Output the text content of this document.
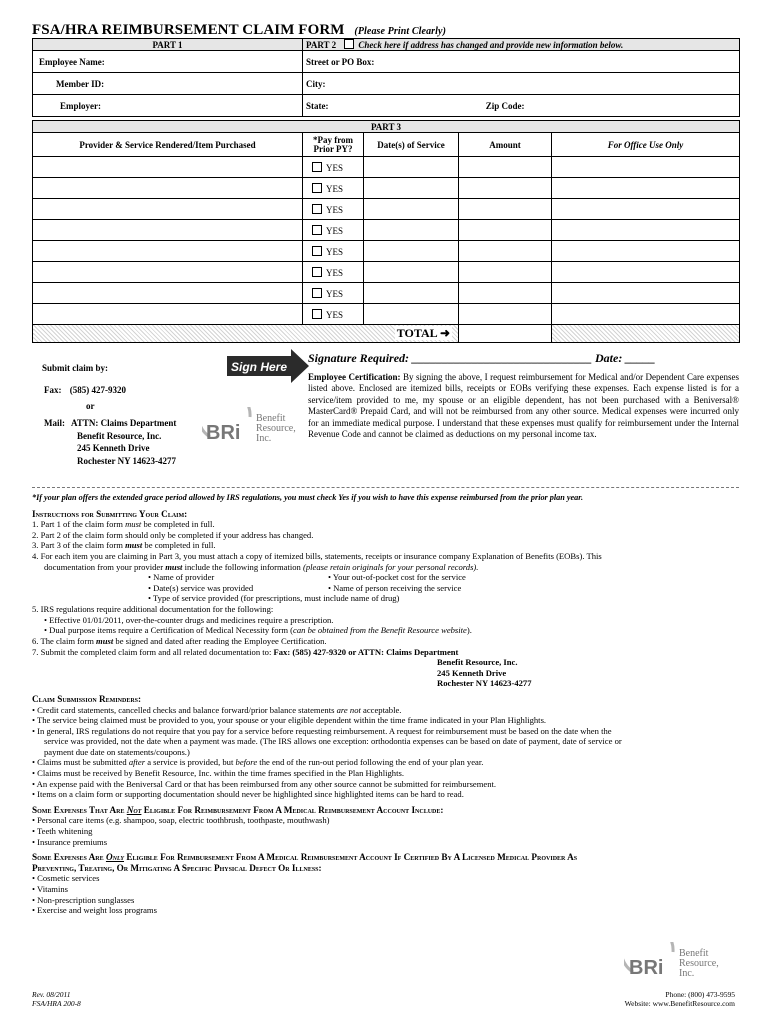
FSA/HRA REIMBURSEMENT CLAIM FORM (Please Print Clearly)
PART 1	PART 2 Check here if address has changed and provide new information below.
Employee Name:	Street or PO Box:
Member ID:	City:
Employer:	State: Zip Code:
PART 3				
Provider & Service Rendered/Item Purchased	*Pay from Prior PY?	Date(s) of Service	Amount	For Office Use Only
	YES			
	YES			
	YES			
	YES			
	YES			
	YES			
	YES			
	YES			
TOTAL ➜				
Submit claim by:
Fax: (585) 427-9320
or
Mail: ATTN: Claims Department
Benefit Resource, Inc.
245 Kenneth Drive
Rochester NY 14623-4277
Sign Here
BRi
Benefit
Resource,
Inc.
Signature Required: ______________________________ Date: _____
Employee Certification: By signing the above, I request reimbursement for Medical and/or Dependent Care expenses listed above. Enclosed are itemized bills, receipts or EOBs verifying these expenses. Each expense listed is for a service/item provided to me, my spouse or an eligible dependent, has not been purchased with a Beniversal® MasterCard® Prepaid Card, and will not be reimbursed from any other source. Medical expenses were incurred only for an immediate medical purpose. I understand that these expenses must qualify for reimbursement under the Internal Revenue Code and cannot be claimed as deductions on my personal income tax.

*If your plan offers the extended grace period allowed by IRS regulations, you must check Yes if you wish to have this expense reimbursed from the prior plan year.

Instructions for Submitting Your Claim:

1. Part 1 of the claim form must be completed in full.

2. Part 2 of the claim form should only be completed if your address has changed.

3. Part 3 of the claim form must be completed in full.

4. For each item you are claiming in Part 3, you must attach a copy of itemized bills, statements, receipts or insurance company Explanation of Benefits (EOBs). This

documentation from your provider must include the following information (please retain originals for your personal records).

• Name of provider	• Your out-of-pocket cost for the service
• Date(s) service was provided	• Name of person receiving the service
• Type of service provided (for prescriptions, must include name of drug)

5. IRS regulations require additional documentation for the following:

• Effective 01/01/2011, over-the-counter drugs and medicines require a prescription.

• Dual purpose items require a Certification of Medical Necessity form (can be obtained from the Benefit Resource website).

6. The claim form must be signed and dated after reading the Employee Certification.

7. Submit the completed claim form and all related documentation to: Fax: (585) 427-9320 or ATTN: Claims Department

Benefit Resource, Inc.

245 Kenneth Drive

Rochester NY 14623-4277

Claim Submission Reminders:

• Credit card statements, cancelled checks and balance forward/prior balance statements are not acceptable.

• The service being claimed must be provided to you, your spouse or your eligible dependent within the time frame indicated in your Plan Highlights.

• In general, IRS regulations do not require that you pay for a service before requesting reimbursement. A request for reimbursement must be based on the date when the

service was provided, not the date when a payment was made. (The IRS allows one exception: orthodontia expenses can be based on date of payment, date of service or

payment due date on statements/coupons.)

• Claims must be submitted after a service is provided, but before the end of the run-out period following the end of your plan year.

• Claims must be received by Benefit Resource, Inc. within the time frames specified in the Plan Highlights.

• An expense paid with the Beniversal Card or that has been reimbursed from any other source cannot be submitted for reimbursement.

• Items on a claim form or supporting documentation should never be highlighted since highlighted items can be hard to read.

Some Expenses That Are Not Eligible For Reimbursement From A Medical Reimbursement Account Include:

• Personal care items (e.g. shampoo, soap, electric toothbrush, toothpaste, mouthwash)

• Teeth whitening

• Insurance premiums

Some Expenses Are Only Eligible For Reimbursement From A Medical Reimbursement Account If Certified By A Licensed Medical Provider As

Preventing, Treating, Or Mitigating A Specific Physical Defect Or Illness:

• Cosmetic services

• Vitamins

• Non-prescription sunglasses

• Exercise and weight loss programs

BRi
Benefit
Resource,
Inc.
Rev. 08/2011
FSA/HRA 200-8
Phone: (800) 473-9595
Website: www.BenefitResource.com
